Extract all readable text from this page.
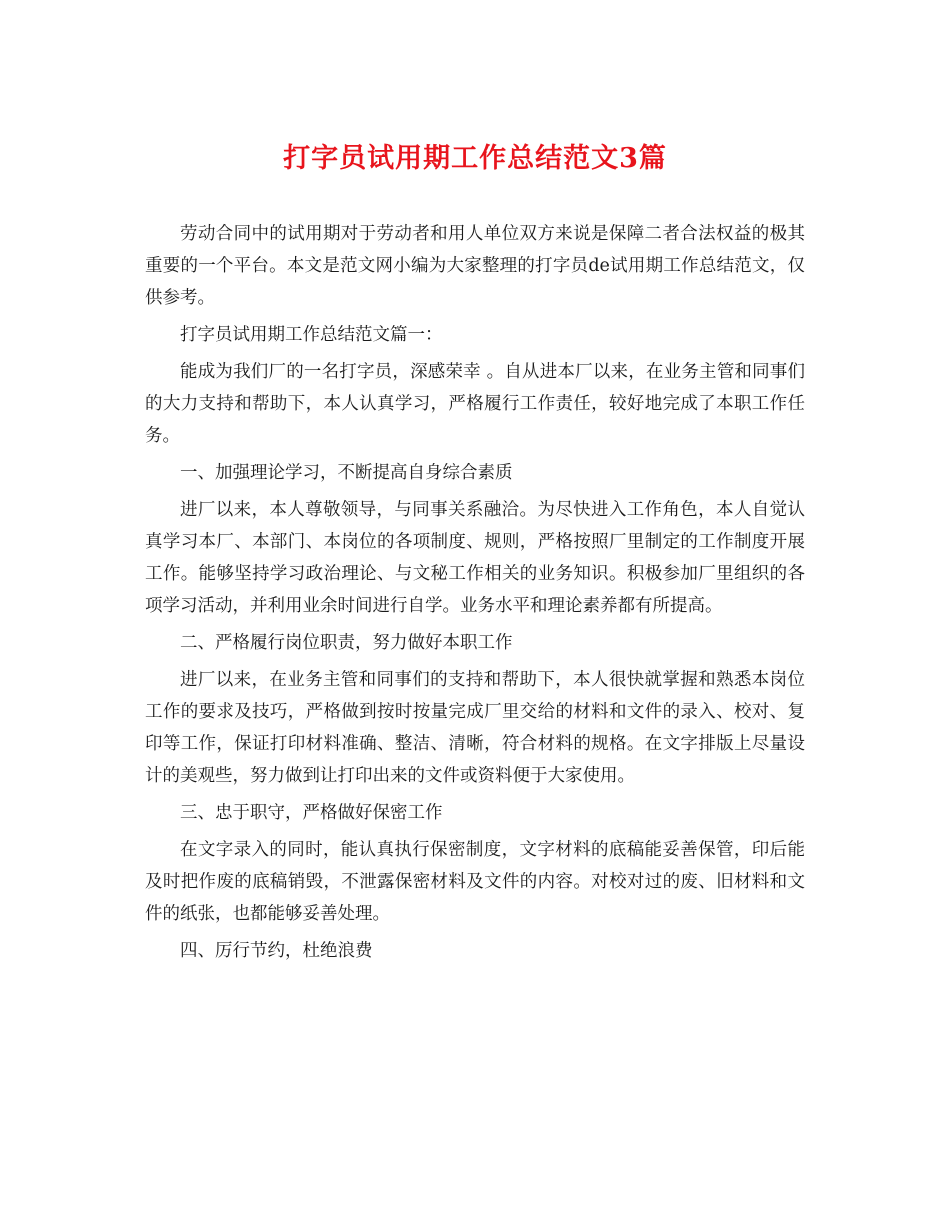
打字员试用期工作总结范文3篇

劳动合同中的试用期对于劳动者和用人单位双方来说是保障二者合法权益的极其重要的一个平台。本文是范文网小编为大家整理的打字员de试用期工作总结范文，仅供参考。

打字员试用期工作总结范文篇一：

能成为我们厂的一名打字员，深感荣幸 。自从进本厂以来，在业务主管和同事们的大力支持和帮助下，本人认真学习，严格履行工作责任，较好地完成了本职工作任务。

一、加强理论学习，不断提高自身综合素质

进厂以来，本人尊敬领导，与同事关系融洽。为尽快进入工作角色，本人自觉认真学习本厂、本部门、本岗位的各项制度、规则，严格按照厂里制定的工作制度开展工作。能够坚持学习政治理论、与文秘工作相关的业务知识。积极参加厂里组织的各项学习活动，并利用业余时间进行自学。业务水平和理论素养都有所提高。

二、严格履行岗位职责，努力做好本职工作

进厂以来，在业务主管和同事们的支持和帮助下，本人很快就掌握和熟悉本岗位工作的要求及技巧，严格做到按时按量完成厂里交给的材料和文件的录入、校对、复印等工作，保证打印材料准确、整洁、清晰，符合材料的规格。在文字排版上尽量设计的美观些，努力做到让打印出来的文件或资料便于大家使用。

三、忠于职守，严格做好保密工作

在文字录入的同时，能认真执行保密制度，文字材料的底稿能妥善保管，印后能及时把作废的底稿销毁，不泄露保密材料及文件的内容。对校对过的废、旧材料和文件的纸张，也都能够妥善处理。

四、厉行节约，杜绝浪费
